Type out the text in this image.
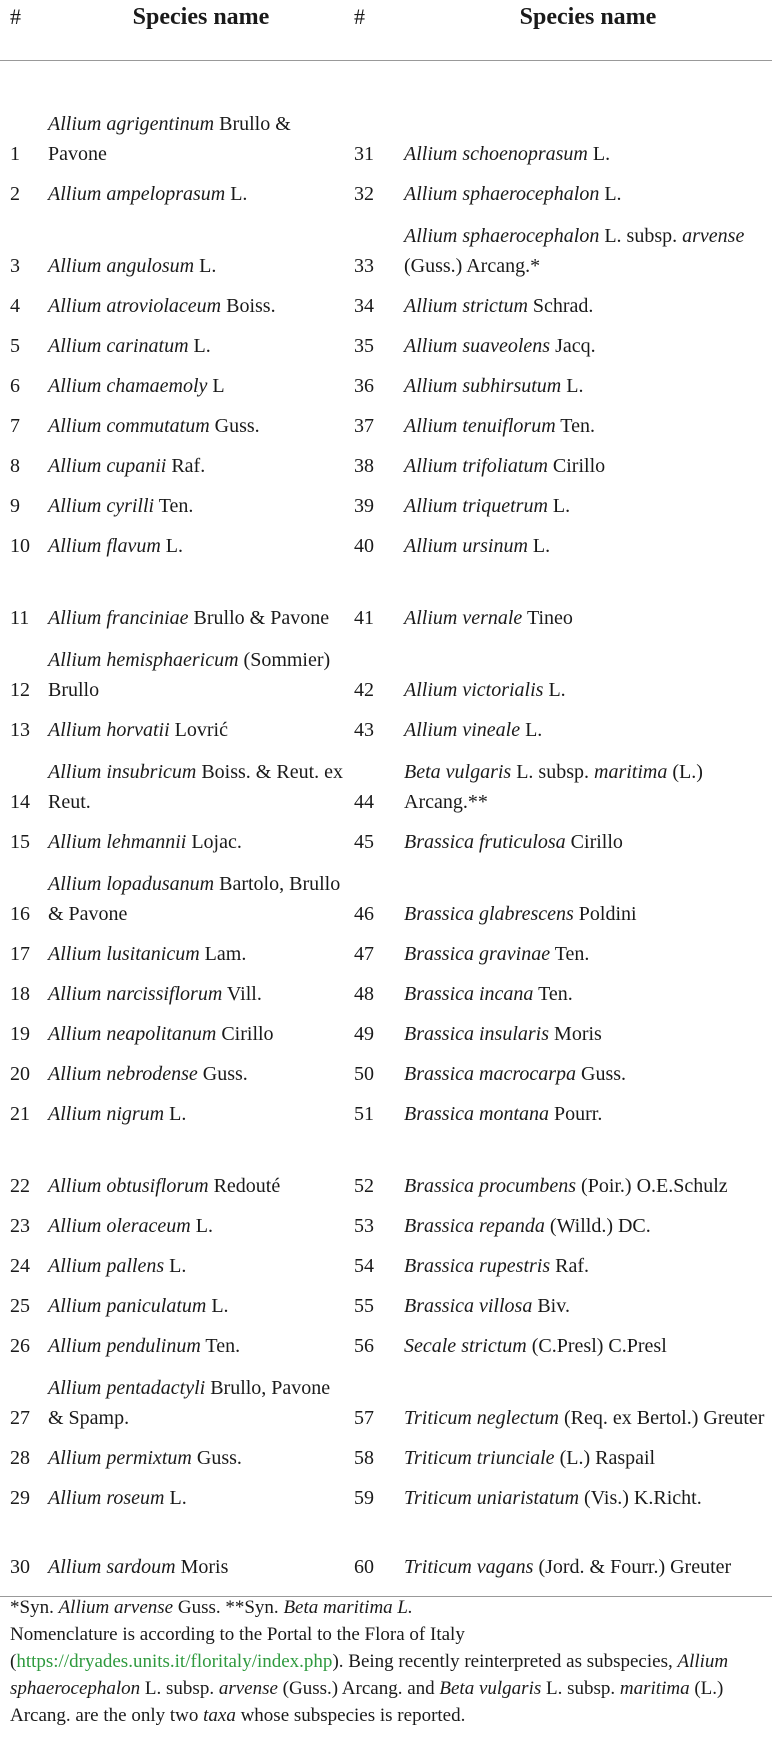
#	Species name	#	Species name

1	Allium agrigentinum Brullo & Pavone	31	Allium schoenoprasum L.
2	Allium ampeloprasum L.	32	Allium sphaerocephalon L.
3	Allium angulosum L.	33	Allium sphaerocephalon L. subsp. arvense (Guss.) Arcang.*
4	Allium atroviolaceum Boiss.	34	Allium strictum Schrad.
5	Allium carinatum L.	35	Allium suaveolens Jacq.
6	Allium chamaemoly L	36	Allium subhirsutum L.
7	Allium commutatum Guss.	37	Allium tenuiflorum Ten.
8	Allium cupanii Raf.	38	Allium trifoliatum Cirillo
9	Allium cyrilli Ten.	39	Allium triquetrum L.
10	Allium flavum L.	40	Allium ursinum L.
11	Allium franciniae Brullo & Pavone	41	Allium vernale Tineo
12	Allium hemisphaericum (Sommier) Brullo	42	Allium victorialis L.
13	Allium horvatii Lovrić	43	Allium vineale L.
14	Allium insubricum Boiss. & Reut. ex Reut.	44	Beta vulgaris L. subsp. maritima (L.) Arcang.**
15	Allium lehmannii Lojac.	45	Brassica fruticulosa Cirillo
16	Allium lopadusanum Bartolo, Brullo & Pavone	46	Brassica glabrescens Poldini
17	Allium lusitanicum Lam.	47	Brassica gravinae Ten.
18	Allium narcissiflorum Vill.	48	Brassica incana Ten.
19	Allium neapolitanum Cirillo	49	Brassica insularis Moris
20	Allium nebrodense Guss.	50	Brassica macrocarpa Guss.
21	Allium nigrum L.	51	Brassica montana Pourr.
22	Allium obtusiflorum Redouté	52	Brassica procumbens (Poir.) O.E.Schulz
23	Allium oleraceum L.	53	Brassica repanda (Willd.) DC.
24	Allium pallens L.	54	Brassica rupestris Raf.
25	Allium paniculatum L.	55	Brassica villosa Biv.
26	Allium pendulinum Ten.	56	Secale strictum (C.Presl) C.Presl
27	Allium pentadactyli Brullo, Pavone & Spamp.	57	Triticum neglectum (Req. ex Bertol.) Greuter
28	Allium permixtum Guss.	58	Triticum triunciale (L.) Raspail
29	Allium roseum L.	59	Triticum uniaristatum (Vis.) K.Richt.
30	Allium sardoum Moris	60	Triticum vagans (Jord. & Fourr.) Greuter

*Syn. Allium arvense Guss. **Syn. Beta maritima L.

Nomenclature is according to the Portal to the Flora of Italy (https://dryades.units.it/floritaly/index.php). Being recently reinterpreted as subspecies, Allium sphaerocephalon L. subsp. arvense (Guss.) Arcang. and Beta vulgaris L. subsp. maritima (L.) Arcang. are the only two taxa whose subspecies is reported.
